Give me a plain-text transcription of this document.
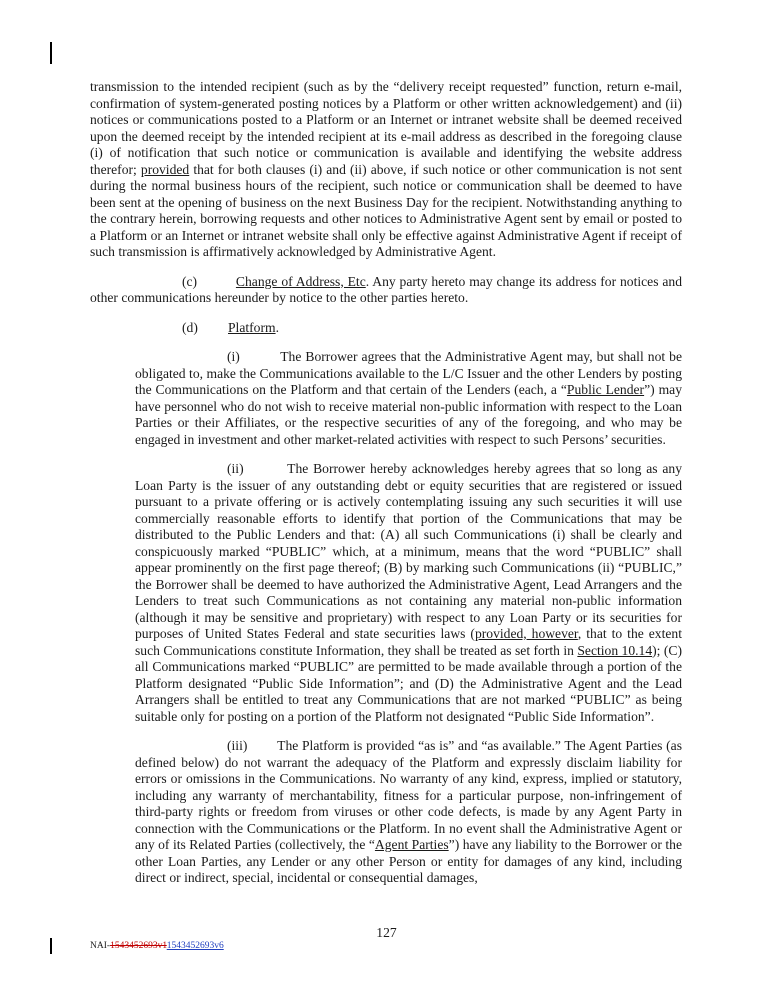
transmission to the intended recipient (such as by the “delivery receipt requested” function, return e-mail, confirmation of system-generated posting notices by a Platform or other written acknowledgement) and (ii) notices or communications posted to a Platform or an Internet or intranet website shall be deemed received upon the deemed receipt by the intended recipient at its e-mail address as described in the foregoing clause (i) of notification that such notice or communication is available and identifying the website address therefor; provided that for both clauses (i) and (ii) above, if such notice or other communication is not sent during the normal business hours of the recipient, such notice or communication shall be deemed to have been sent at the opening of business on the next Business Day for the recipient. Notwithstanding anything to the contrary herein, borrowing requests and other notices to Administrative Agent sent by email or posted to a Platform or an Internet or intranet website shall only be effective against Administrative Agent if receipt of such transmission is affirmatively acknowledged by Administrative Agent.

(c)	Change of Address, Etc. Any party hereto may change its address for notices and other communications hereunder by notice to the other parties hereto.

(d) Platform.

(i)	The Borrower agrees that the Administrative Agent may, but shall not be obligated to, make the Communications available to the L/C Issuer and the other Lenders by posting the Communications on the Platform and that certain of the Lenders (each, a “Public Lender”) may have personnel who do not wish to receive material non-public information with respect to the Loan Parties or their Affiliates, or the respective securities of any of the foregoing, and who may be engaged in investment and other market-related activities with respect to such Persons’ securities.

(ii)	The Borrower hereby acknowledges hereby agrees that so long as any Loan Party is the issuer of any outstanding debt or equity securities that are registered or issued pursuant to a private offering or is actively contemplating issuing any such securities it will use commercially reasonable efforts to identify that portion of the Communications that may be distributed to the Public Lenders and that: (A) all such Communications (i) shall be clearly and conspicuously marked “PUBLIC” which, at a minimum, means that the word “PUBLIC” shall appear prominently on the first page thereof; (B) by marking such Communications (ii) “PUBLIC,” the Borrower shall be deemed to have authorized the Administrative Agent, Lead Arrangers and the Lenders to treat such Communications as not containing any material non-public information (although it may be sensitive and proprietary) with respect to any Loan Party or its securities for purposes of United States Federal and state securities laws (provided, however, that to the extent such Communications constitute Information, they shall be treated as set forth in Section 10.14); (C) all Communications marked “PUBLIC” are permitted to be made available through a portion of the Platform designated “Public Side Information”; and (D) the Administrative Agent and the Lead Arrangers shall be entitled to treat any Communications that are not marked “PUBLIC” as being suitable only for posting on a portion of the Platform not designated “Public Side Information”.

(iii) The Platform is provided “as is” and “as available.” The Agent Parties (as defined below) do not warrant the adequacy of the Platform and expressly disclaim liability for errors or omissions in the Communications. No warranty of any kind, express, implied or statutory, including any warranty of merchantability, fitness for a particular purpose, non-infringement of third-party rights or freedom from viruses or other code defects, is made by any Agent Party in connection with the Communications or the Platform. In no event shall the Administrative Agent or any of its Related Parties (collectively, the “Agent Parties”) have any liability to the Borrower or the other Loan Parties, any Lender or any other Person or entity for damages of any kind, including direct or indirect, special, incidental or consequential damages,

127
NAI-1543452693v11543452693v6
